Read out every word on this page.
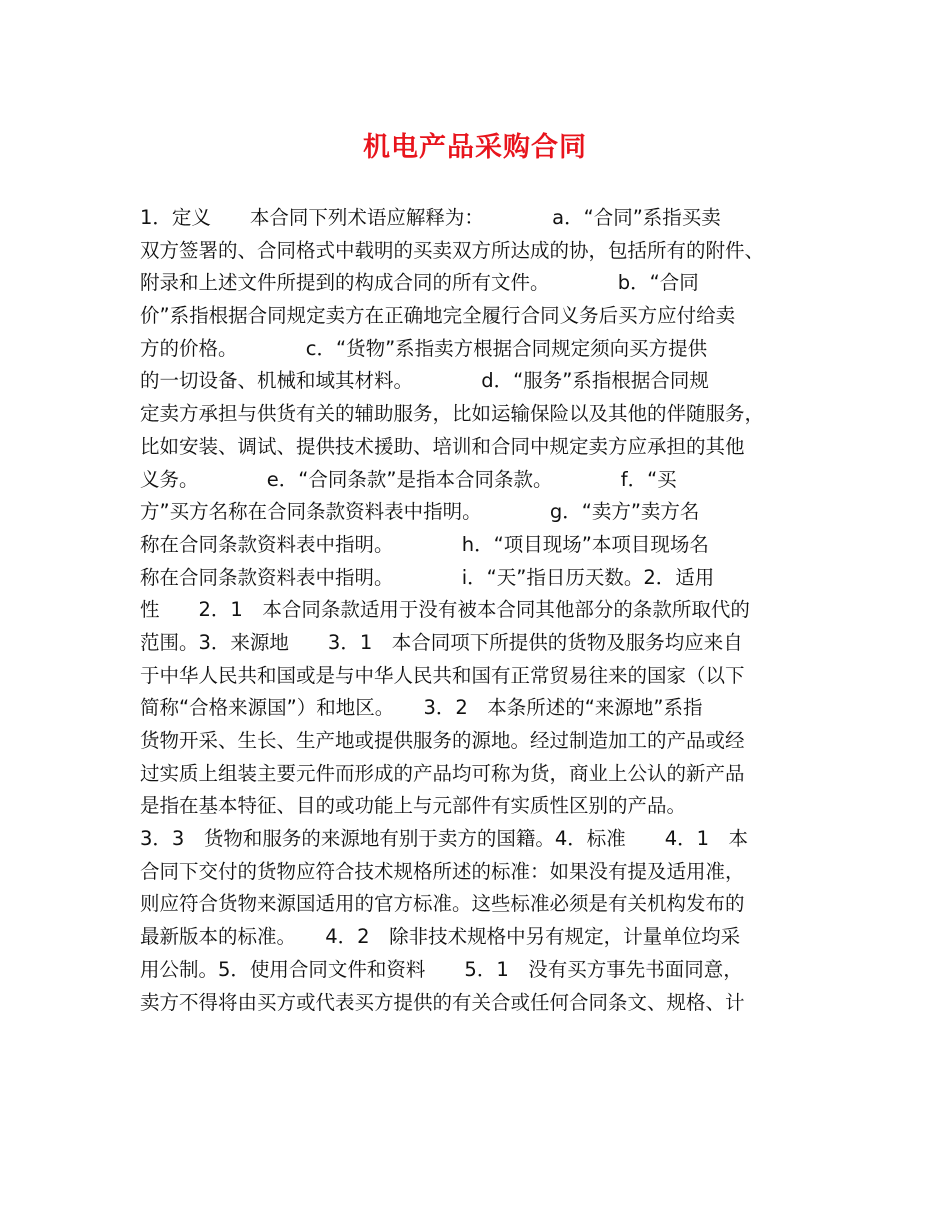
机电产品采购合同
1．定义　　本合同下列术语应解释为：　　　　a．“合同”系指买卖
双方签署的、合同格式中载明的买卖双方所达成的协，包括所有的附件、
附录和上述文件所提到的构成合同的所有文件。　　　　b．“合同
价”系指根据合同规定卖方在正确地完全履行合同义务后买方应付给卖
方的价格。　　　　c．“货物”系指卖方根据合同规定须向买方提供
的一切设备、机械和域其材料。　　　　d．“服务”系指根据合同规
定卖方承担与供货有关的辅助服务，比如运输保险以及其他的伴随服务，
比如安装、调试、提供技术援助、培训和合同中规定卖方应承担的其他
义务。　　　　e．“合同条款”是指本合同条款。　　　　f．“买
方”买方名称在合同条款资料表中指明。　　　　g．“卖方”卖方名
称在合同条款资料表中指明。　　　　h．“项目现场”本项目现场名
称在合同条款资料表中指明。　　　　i．“天”指日历天数。2．适用
性　　2．1　本合同条款适用于没有被本合同其他部分的条款所取代的
范围。3．来源地　　3．1　本合同项下所提供的货物及服务均应来自
于中华人民共和国或是与中华人民共和国有正常贸易往来的国家（以下
简称“合格来源国”）和地区。　　3．2　本条所述的“来源地”系指
货物开采、生长、生产地或提供服务的源地。经过制造加工的产品或经
过实质上组装主要元件而形成的产品均可称为货，商业上公认的新产品
是指在基本特征、目的或功能上与元部件有实质性区别的产品。
3．3　货物和服务的来源地有别于卖方的国籍。4．标准　　4．1　本
合同下交付的货物应符合技术规格所述的标准：如果没有提及适用准，
则应符合货物来源国适用的官方标准。这些标准必须是有关机构发布的
最新版本的标准。　　4．2　除非技术规格中另有规定，计量单位均采
用公制。5．使用合同文件和资料　　5．1　没有买方事先书面同意，
卖方不得将由买方或代表买方提供的有关合或任何合同条文、规格、计
